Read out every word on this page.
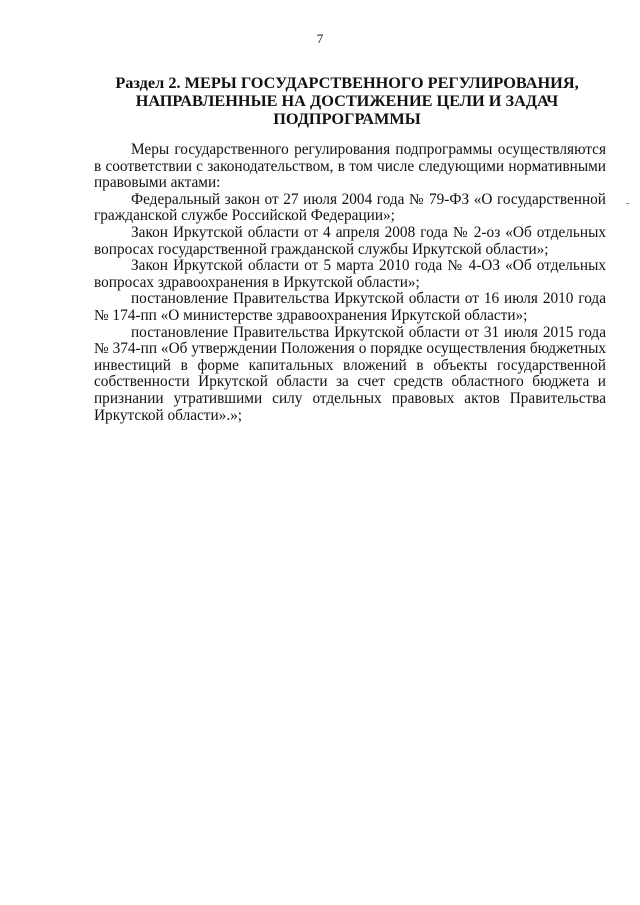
7
Раздел 2. МЕРЫ ГОСУДАРСТВЕННОГО РЕГУЛИРОВАНИЯ,
НАПРАВЛЕННЫЕ НА ДОСТИЖЕНИЕ ЦЕЛИ И ЗАДАЧ
ПОДПРОГРАММЫ

Меры государственного регулирования подпрограммы осуществляются в соответствии с законодательством, в том числе следующими нормативными правовыми актами:

Федеральный закон от 27 июля 2004 года № 79-ФЗ «О государственной гражданской службе Российской Федерации»;

Закон Иркутской области от 4 апреля 2008 года № 2-оз «Об отдельных вопросах государственной гражданской службы Иркутской области»;

Закон Иркутской области от 5 марта 2010 года № 4-ОЗ «Об отдельных вопросах здравоохранения в Иркутской области»;

постановление Правительства Иркутской области от 16 июля 2010 года № 174-пп «О министерстве здравоохранения Иркутской области»;

постановление Правительства Иркутской области от 31 июля 2015 года № 374-пп «Об утверждении Положения о порядке осуществления бюджетных инвестиций в форме капитальных вложений в объекты государственной собственности Иркутской области за счет средств областного бюджета и признании утратившими силу отдельных правовых актов Правительства Иркутской области».»;
